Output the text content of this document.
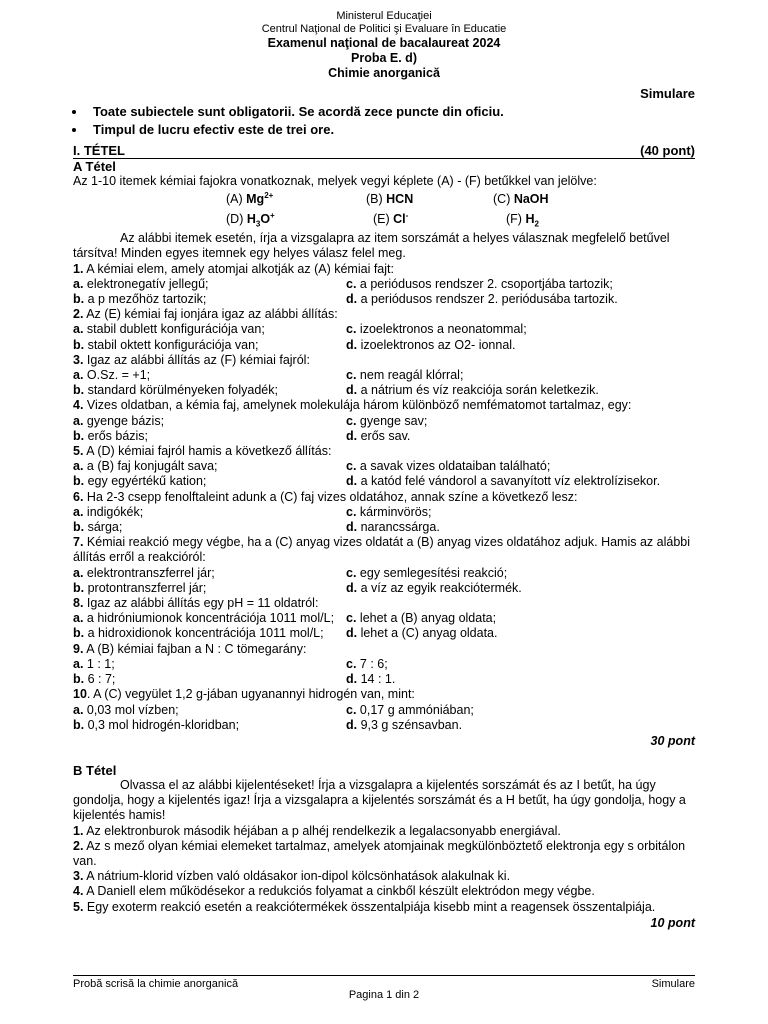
Ministerul Educaţiei
Centrul Naţional de Politici şi Evaluare în Educatie
Examenul naţional de bacalaureat 2024
Proba E. d)
Chimie anorganică
Simulare
• Toate subiectele sunt obligatorii. Se acordă zece puncte din oficiu.
• Timpul de lucru efectiv este de trei ore.
I. TÉTEL	(40 pont)
A Tétel

Az 1-10 itemek kémiai fajokra vonatkoznak, melyek vegyi képlete (A) - (F) betűkkel van jelölve:

(A) $Mg^{2+}$	(B) HCN	(C) NaOH
(D) $H_3O^+$	(E) Cl-	(F) $H_2$

Az alábbi itemek esetén, írja a vizsgalapra az item sorszámát a helyes válasznak megfelelő betűvel társítva! Minden egyes itemnek egy helyes válasz felel meg.

1. A kémiai elem, amely atomjai alkotják az (A) kémiai fajt:
a. elektronegatív jellegű;	c. a periódusos rendszer 2. csoportjába tartozik;
b. a p mezőhöz tartozik;	d. a periódusos rendszer 2. periódusába tartozik.
2. Az (E) kémiai faj ionjára igaz az alábbi állítás:
a. stabil dublett konfigurációja van;	c. izoelektronos a neonatommal;
b. stabil oktett konfigurációja van;	d. izoelektronos az O2- ionnal.
3. Igaz az alábbi állítás az (F) kémiai fajról:
a. O.Sz. = +1;	c. nem reagál klórral;
b. standard körülményeken folyadék;	d. a nátrium és víz reakciója során keletkezik.
4. Vizes oldatban, a kémia faj, amelynek molekulája három különböző nemfématomot tartalmaz, egy:
a. gyenge bázis;	c. gyenge sav;
b. erős bázis;	d. erős sav.
5. A (D) kémiai fajról hamis a következő állítás:
a. a (B) faj konjugált sava;	c. a savak vizes oldataiban található;
b. egy egyértékű kation;	d. a katód felé vándorol a savanyított víz elektrolízisekor.
6. Ha 2-3 csepp fenolftaleint adunk a (C) faj vizes oldatához, annak színe a következő lesz:
a. indigókék;	c. kárminvörös;
b. sárga;	d. narancssárga.
7. Kémiai reakció megy végbe, ha a (C) anyag vizes oldatát a (B) anyag vizes oldatához adjuk. Hamis az alábbi állítás erről a reakcióról:
a. elektrontranszferrel jár;	c. egy semlegesítési reakció;
b. protontranszferrel jár;	d. a víz az egyik reakciótermék.
8. Igaz az alábbi állítás egy pH = 11 oldatról:
a. a hidróniumionok koncentrációja 1011 mol/L; c. lehet a (B) anyag oldata;
b. a hidroxidionok koncentrációja 1011 mol/L;	d. lehet a (C) anyag oldata.
9. A (B) kémiai fajban a N : C tömegarány:
a. 1 : 1;	c. 7 : 6;
b. 6 : 7;	d. 14 : 1.
10. A (C) vegyület 1,2 g-jában ugyanannyi hidrogén van, mint:
a. 0,03 mol vízben;	c. 0,17 g ammóniában;
b. 0,3 mol hidrogén-kloridban;	d. 9,3 g szénsavban.
30 pont
B Tétel

Olvassa el az alábbi kijelentéseket! Írja a vizsgalapra a kijelentés sorszámát és az I betűt, ha úgy gondolja, hogy a kijelentés igaz! Írja a vizsgalapra a kijelentés sorszámát és a H betűt, ha úgy gondolja, hogy a kijelentés hamis!

1. Az elektronburok második héjában a p alhéj rendelkezik a legalacsonyabb energiával.

2. Az s mező olyan kémiai elemeket tartalmaz, amelyek atomjainak megkülönböztető elektronja egy s orbitálon van.

3. A nátrium-klorid vízben való oldásakor ion-dipol kölcsönhatások alakulnak ki.

4. A Daniell elem működésekor a redukciós folyamat a cinkből készült elektródon megy végbe.

5. Egy exoterm reakció esetén a reakciótermékek összentalpiája kisebb mint a reagensek összentalpiája.

10 pont
Probă scrisă la chimie anorganică	Simulare
Pagina 1 din 2
